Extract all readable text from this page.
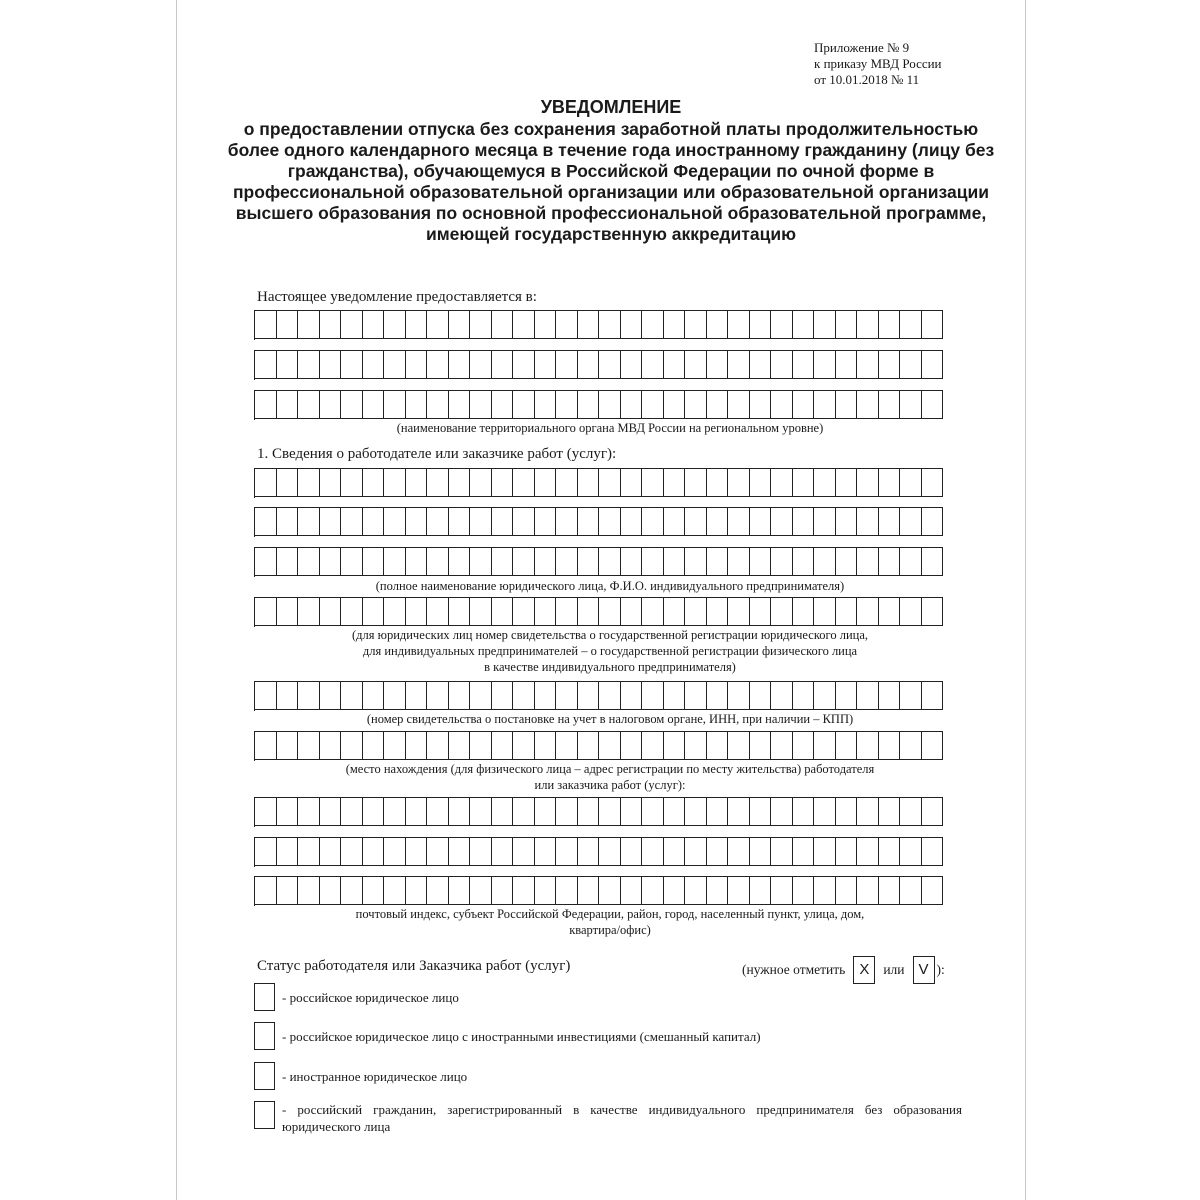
Приложение № 9
к приказу МВД России
от 10.01.2018 № 11
УВЕДОМЛЕНИЕ

о предоставлении отпуска без сохранения заработной платы продолжительностью более одного календарного месяца в течение года иностранному гражданину (лицу без гражданства), обучающемуся в Российской Федерации по очной форме в профессиональной образовательной организации или образовательной организации высшего образования по основной профессиональной образовательной программе, имеющей государственную аккредитацию

Настоящее уведомление предоставляется в:
(наименование территориального органа МВД России на региональном уровне)
1. Сведения о работодателе или заказчике работ (услуг):
(полное наименование юридического лица, Ф.И.О. индивидуального предпринимателя)
(для юридических лиц номер свидетельства о государственной регистрации юридического лица,
для индивидуальных предпринимателей – о государственной регистрации физического лица
в качестве индивидуального предпринимателя)
(номер свидетельства о постановке на учет в налоговом органе, ИНН, при наличии – КПП)
(место нахождения (для физического лица – адрес регистрации по месту жительства) работодателя
или заказчика работ (услуг):
почтовый индекс, субъект Российской Федерации, район, город, населенный пункт, улица, дом,
квартира/офис)
Статус работодателя или Заказчика работ (услуг)	(нужное отметить X	или V ):
- российское юридическое лицо
- российское юридическое лицо с иностранными инвестициями (смешанный капитал)
- иностранное юридическое лицо
- российский гражданин, зарегистрированный в качестве индивидуального предпринимателя без образования юридического лица
